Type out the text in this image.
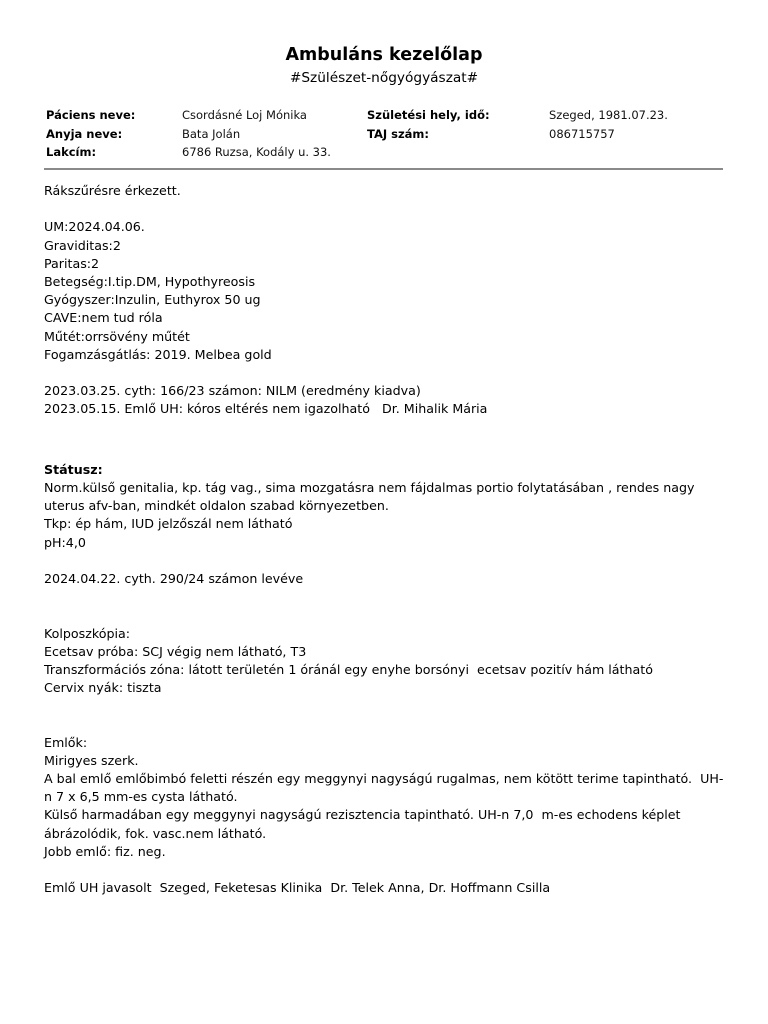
Ambuláns kezelőlap
#Szülészet-nőgyógyászat#
Páciens neve:	Csordásné Loj Mónika	Születési hely, idő:	Szeged, 1981.07.23.
Anyja neve:	Bata Jolán	TAJ szám:	086715757
Lakcím:	6786 Ruzsa, Kodály u. 33.
Rákszűrésre érkezett.
UM:2024.04.06.
Graviditas:2
Paritas:2
Betegség:I.tip.DM, Hypothyreosis
Gyógyszer:Inzulin, Euthyrox 50 ug
CAVE:nem tud róla
Műtét:orrsövény műtét
Fogamzásgátlás: 2019. Melbea gold
2023.03.25. cyth: 166/23 számon: NILM (eredmény kiadva)
2023.05.15. Emlő UH: kóros eltérés nem igazolható   Dr. Mihalik Mária
Státusz:
Norm.külső genitalia, kp. tág vag., sima mozgatásra nem fájdalmas portio folytatásában , rendes nagy
uterus afv-ban, mindkét oldalon szabad környezetben.
Tkp: ép hám, IUD jelzőszál nem látható
pH:4,0
2024.04.22. cyth. 290/24 számon levéve
Kolposzkópia:
Ecetsav próba: SCJ végig nem látható, T3
Transzformációs zóna: látott területén 1 óránál egy enyhe borsónyi  ecetsav pozitív hám látható
Cervix nyák: tiszta
Emlők:
Mirigyes szerk.
A bal emlő emlőbimbó feletti részén egy meggynyi nagyságú rugalmas, nem kötött terime tapintható.  UH-
n 7 x 6,5 mm-es cysta látható.
Külső harmadában egy meggynyi nagyságú rezisztencia tapintható. UH-n 7,0  m-es echodens képlet
ábrázolódik, fok. vasc.nem látható.
Jobb emlő: fiz. neg.
Emlő UH javasolt  Szeged, Feketesas Klinika  Dr. Telek Anna, Dr. Hoffmann Csilla
